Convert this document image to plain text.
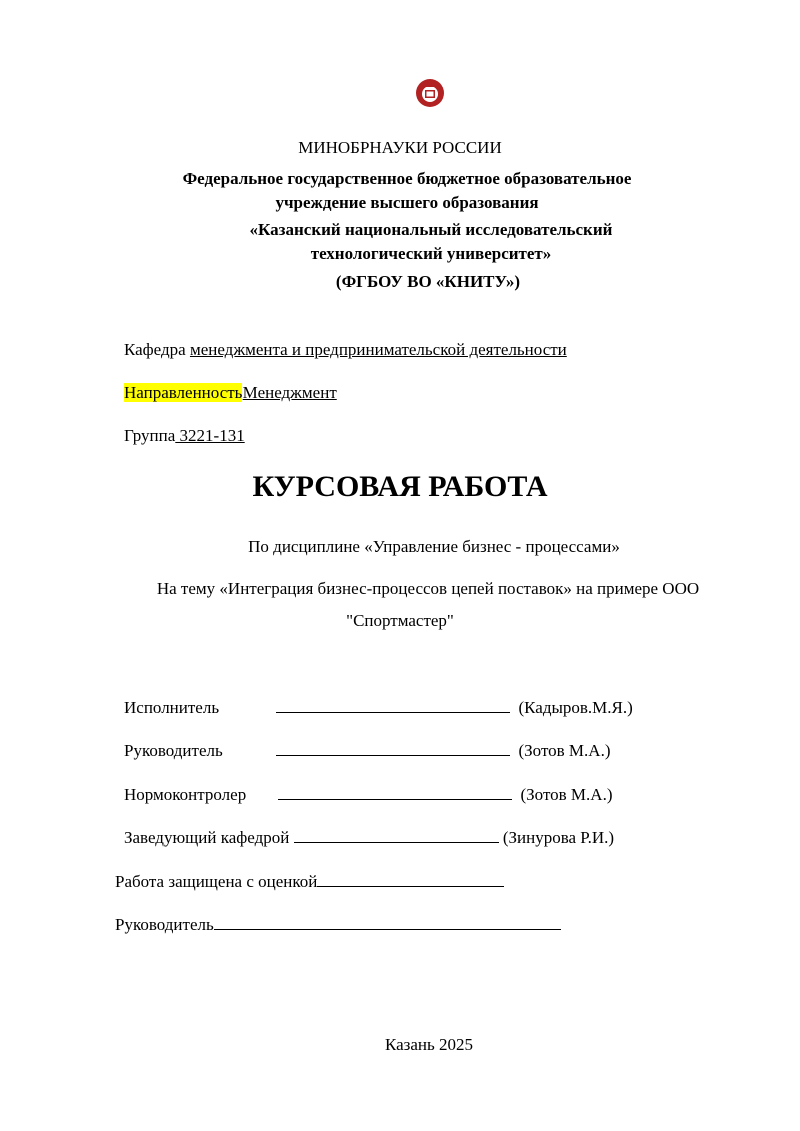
МИНОБРНАУКИ РОССИИ
Федеральное государственное бюджетное образовательное
учреждение высшего образования
«Казанский национальный исследовательский
технологический университет»
(ФГБОУ ВО «КНИТУ»)
Кафедра менеджмента и предпринимательской деятельности
Направленность Менеджмент
Группа 3221-131
КУРСОВАЯ РАБОТА
По дисциплине «Управление бизнес - процессами»
На тему «Интеграция бизнес-процессов цепей поставок» на примере ООО
"Спортмастер"
Исполнитель	(Кадыров.М.Я.)
Руководитель	(Зотов М.А.)
Нормоконтролер	(Зотов М.А.)
Заведующий кафедрой	(Зинурова Р.И.)
Работа защищена с оценкой
Руководитель
Казань 2025
